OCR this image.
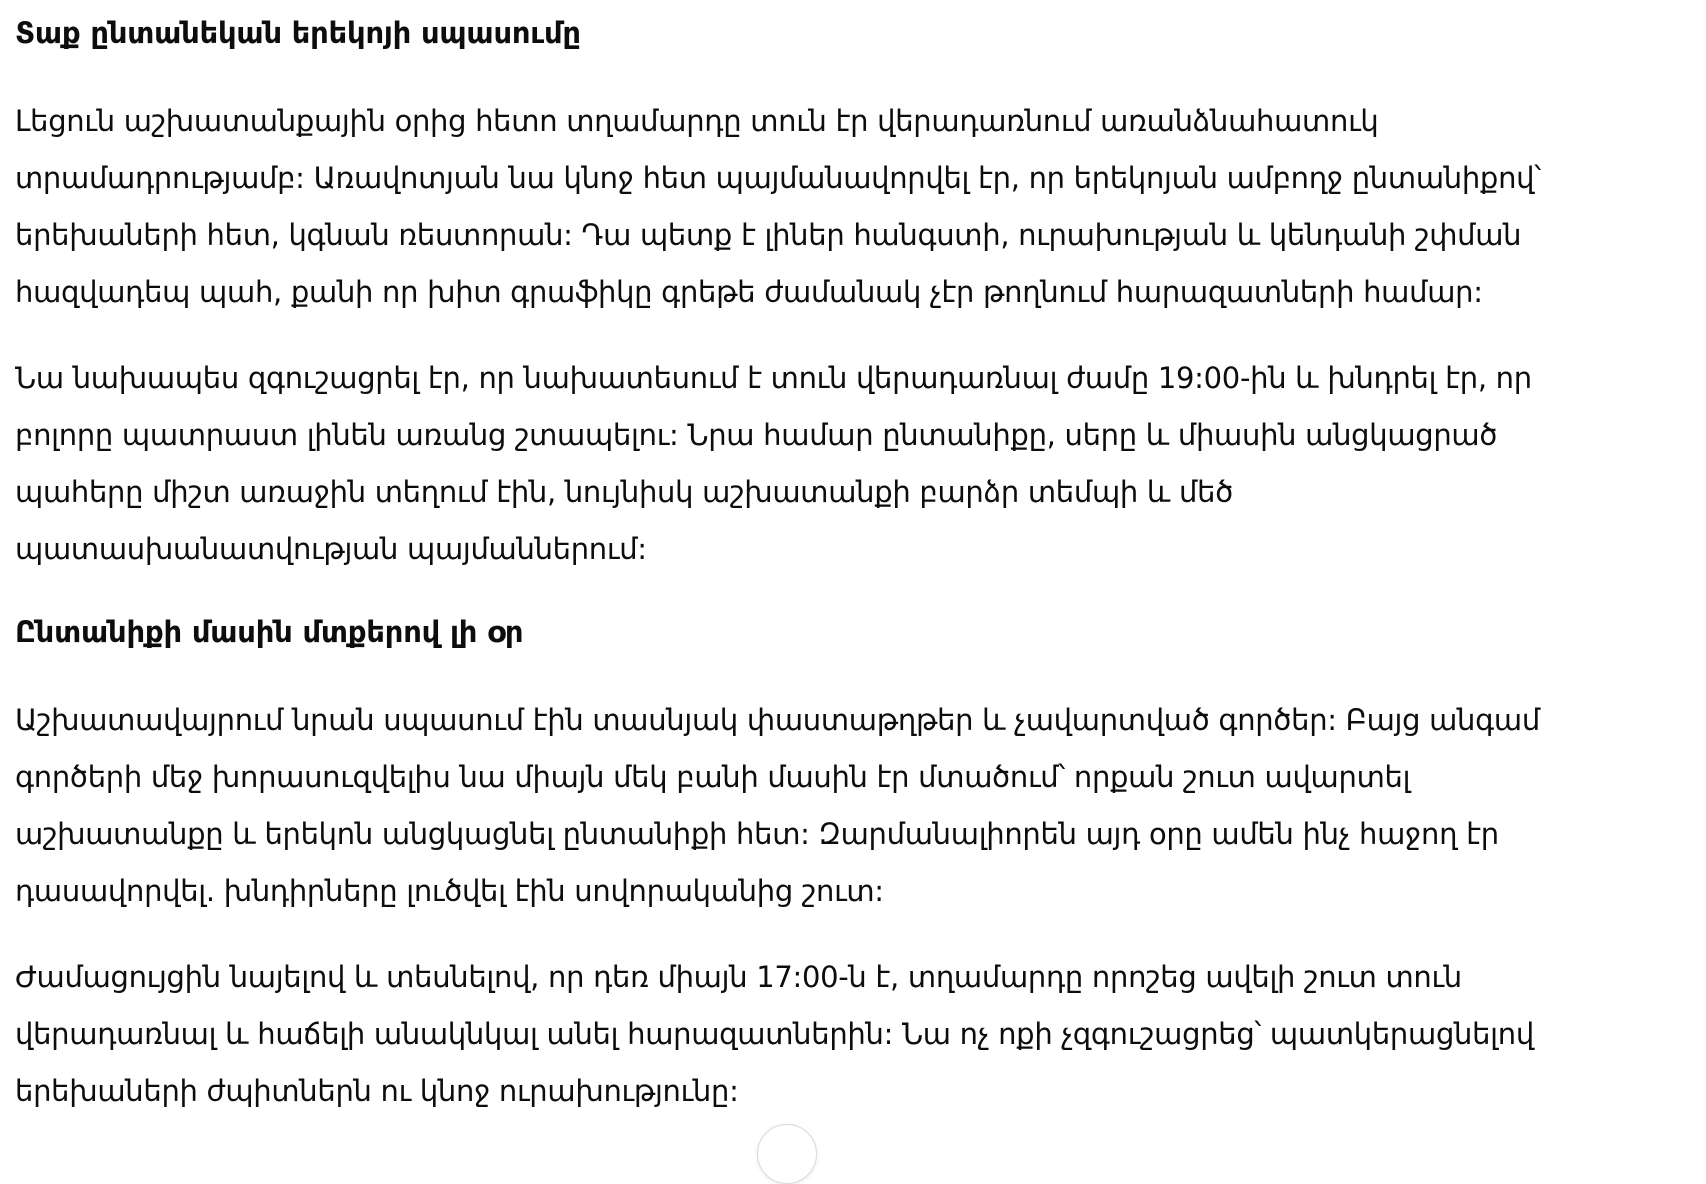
Տաք ընտանեկան երեկոյի սպասումը

Լեցուն աշխատանքային օրից հետո տղամարդը տուն էր վերադառնում առանձնահատուկ տրամադրությամբ: Առավոտյան նա կնոջ հետ պայմանավորվել էր, որ երեկոյան ամբողջ ընտանիքով՝ երեխաների հետ, կգնան ռեստորան: Դա պետք է լիներ հանգստի, ուրախության և կենդանի շփման հազվադեպ պահ, քանի որ խիտ գրաֆիկը գրեթե ժամանակ չէր թողնում հարազատների համար:

Նա նախապես զգուշացրել էր, որ նախատեսում է տուն վերադառնալ ժամը 19:00-ին և խնդրել էր, որ բոլորը պատրաստ լինեն առանց շտապելու: Նրա համար ընտանիքը, սերը և միասին անցկացրած պահերը միշտ առաջին տեղում էին, նույնիսկ աշխատանքի բարձր տեմպի և մեծ պատասխանատվության պայմաններում:

Ընտանիքի մասին մտքերով լի օր

Աշխատավայրում նրան սպասում էին տասնյակ փաստաթղթեր և չավարտված գործեր: Բայց անգամ գործերի մեջ խորասուզվելիս նա միայն մեկ բանի մասին էր մտածում՝ որքան շուտ ավարտել աշխատանքը և երեկոն անցկացնել ընտանիքի հետ: Զարմանալիորեն այդ օրը ամեն ինչ հաջող էր դասավորվել. խնդիրները լուծվել էին սովորականից շուտ:

Ժամացույցին նայելով և տեսնելով, որ դեռ միայն 17:00-ն է, տղամարդը որոշեց ավելի շուտ տուն վերադառնալ և հաճելի անակնկալ անել հարազատներին: Նա ոչ ոքի չզգուշացրեց՝ պատկերացնելով երեխաների ժպիտներն ու կնոջ ուրախությունը:
